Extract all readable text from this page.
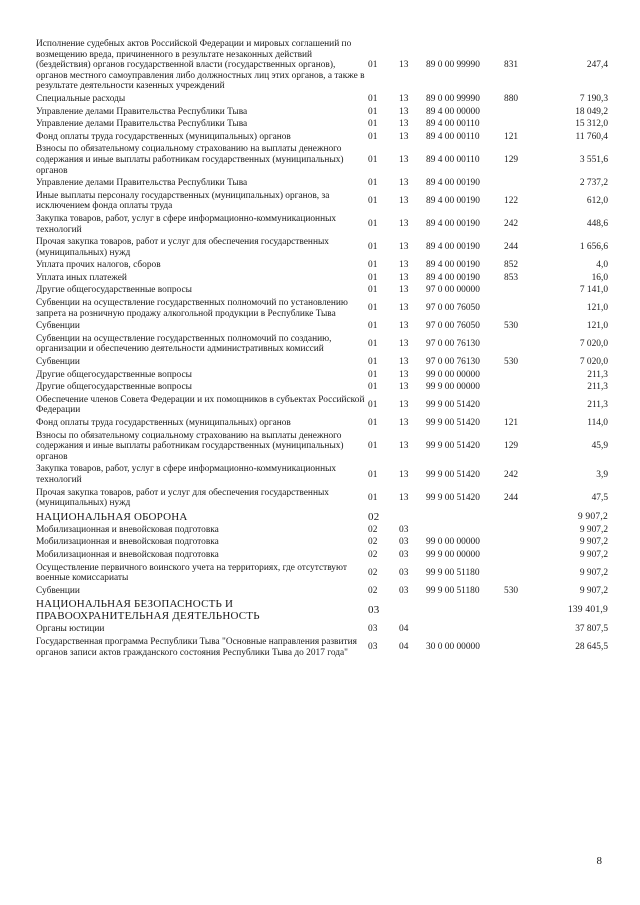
Исполнение судебных актов Российской Федерации и мировых соглашений по возмещению вреда, причиненного в результате незаконных действий (бездействия) органов государственной власти (государственных органов), органов местного самоуправления либо должностных лиц этих органов, а также в результате деятельности казенных учреждений	01	13	89 0 00 99990	831	247,4
Специальные расходы	01	13	89 0 00 99990	880	7 190,3
Управление делами Правительства Республики Тыва	01	13	89 4 00 00000		18 049,2
Управление делами Правительства Республики Тыва	01	13	89 4 00 00110		15 312,0
Фонд оплаты труда государственных (муниципальных) органов	01	13	89 4 00 00110	121	11 760,4
Взносы по обязательному социальному страхованию на выплаты денежного содержания и иные выплаты работникам государственных (муниципальных) органов	01	13	89 4 00 00110	129	3 551,6
Управление делами Правительства Республики Тыва	01	13	89 4 00 00190		2 737,2
Иные выплаты персоналу государственных (муниципальных) органов, за исключением фонда оплаты труда	01	13	89 4 00 00190	122	612,0
Закупка товаров, работ, услуг в сфере информационно-коммуникационных технологий	01	13	89 4 00 00190	242	448,6
Прочая закупка товаров, работ и услуг для обеспечения государственных (муниципальных) нужд	01	13	89 4 00 00190	244	1 656,6
Уплата прочих налогов, сборов	01	13	89 4 00 00190	852	4,0
Уплата иных платежей	01	13	89 4 00 00190	853	16,0
Другие общегосударственные вопросы	01	13	97 0 00 00000		7 141,0
Субвенции на осуществление государственных полномочий по установлению запрета на розничную продажу алкогольной продукции в Республике Тыва	01	13	97 0 00 76050		121,0
Субвенции	01	13	97 0 00 76050	530	121,0
Субвенции на осуществление государственных полномочий по созданию, организации и обеспечению деятельности административных комиссий	01	13	97 0 00 76130		7 020,0
Субвенции	01	13	97 0 00 76130	530	7 020,0
Другие общегосударственные вопросы	01	13	99 0 00 00000		211,3
Другие общегосударственные вопросы	01	13	99 9 00 00000		211,3
Обеспечение членов Совета Федерации и их помощников в субъектах Российской Федерации	01	13	99 9 00 51420		211,3
Фонд оплаты труда государственных (муниципальных) органов	01	13	99 9 00 51420	121	114,0
Взносы по обязательному социальному страхованию на выплаты денежного содержания и иные выплаты работникам государственных (муниципальных) органов	01	13	99 9 00 51420	129	45,9
Закупка товаров, работ, услуг в сфере информационно-коммуникационных технологий	01	13	99 9 00 51420	242	3,9
Прочая закупка товаров, работ и услуг для обеспечения государственных (муниципальных) нужд	01	13	99 9 00 51420	244	47,5
НАЦИОНАЛЬНАЯ ОБОРОНА	02				9 907,2
Мобилизационная и вневойсковая подготовка	02	03			9 907,2
Мобилизационная и вневойсковая подготовка	02	03	99 0 00 00000		9 907,2
Мобилизационная и вневойсковая подготовка	02	03	99 9 00 00000		9 907,2
Осуществление первичного воинского учета на территориях, где отсутствуют военные комиссариаты	02	03	99 9 00 51180		9 907,2
Субвенции	02	03	99 9 00 51180	530	9 907,2
НАЦИОНАЛЬНАЯ БЕЗОПАСНОСТЬ И ПРАВООХРАНИТЕЛЬНАЯ ДЕЯТЕЛЬНОСТЬ	03				139 401,9
Органы юстиции	03	04			37 807,5
Государственная программа Республики Тыва "Основные направления развития органов записи актов гражданского состояния Республики Тыва до 2017 года"	03	04	30 0 00 00000		28 645,5
8
